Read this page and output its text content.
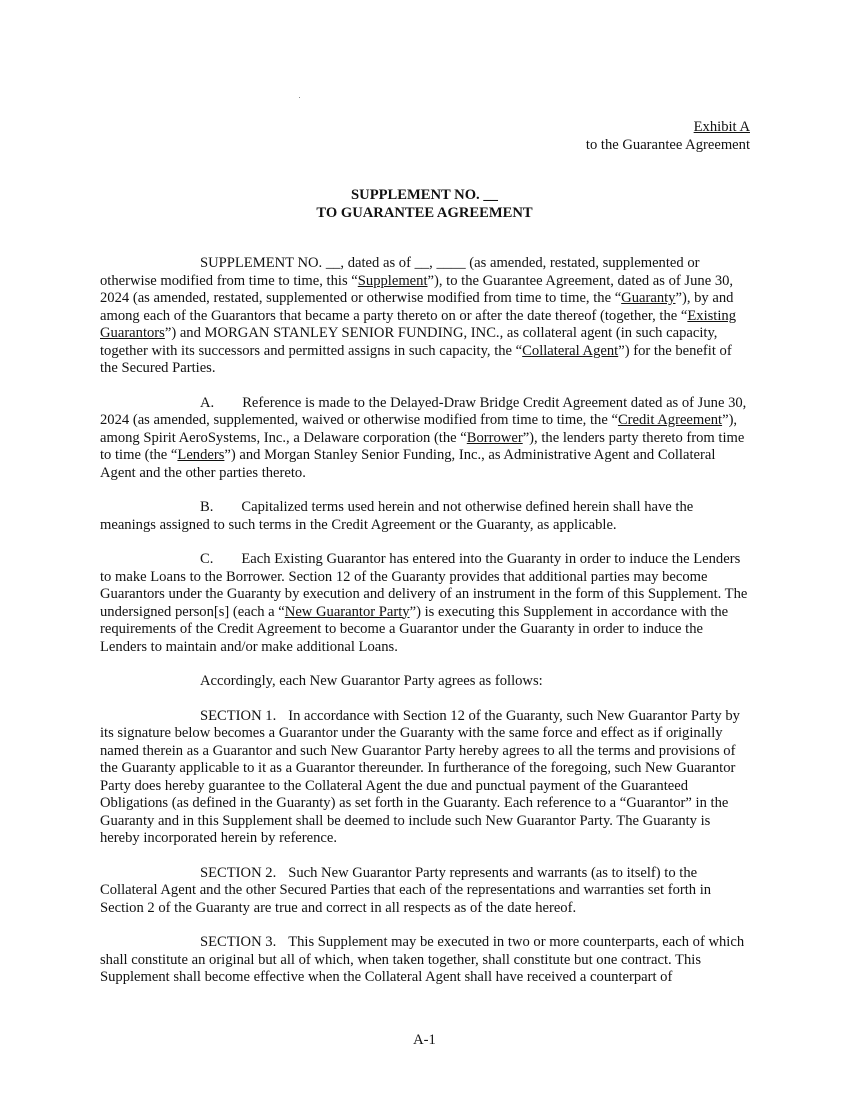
Exhibit A
to the Guarantee Agreement
SUPPLEMENT NO. __
TO GUARANTEE AGREEMENT

SUPPLEMENT NO. __, dated as of __, ____ (as amended, restated, supplemented or otherwise modified from time to time, this “Supplement”), to the Guarantee Agreement, dated as of June 30, 2024 (as amended, restated, supplemented or otherwise modified from time to time, the “Guaranty”), by and among each of the Guarantors that became a party thereto on or after the date thereof (together, the “Existing Guarantors”) and MORGAN STANLEY SENIOR FUNDING, INC., as collateral agent (in such capacity, together with its successors and permitted assigns in such capacity, the “Collateral Agent”) for the benefit of the Secured Parties.

A. Reference is made to the Delayed-Draw Bridge Credit Agreement dated as of June 30, 2024 (as amended, supplemented, waived or otherwise modified from time to time, the “Credit Agreement”), among Spirit AeroSystems, Inc., a Delaware corporation (the “Borrower”), the lenders party thereto from time to time (the “Lenders”) and Morgan Stanley Senior Funding, Inc., as Administrative Agent and Collateral Agent and the other parties thereto.

B. Capitalized terms used herein and not otherwise defined herein shall have the meanings assigned to such terms in the Credit Agreement or the Guaranty, as applicable.

C. Each Existing Guarantor has entered into the Guaranty in order to induce the Lenders to make Loans to the Borrower. Section 12 of the Guaranty provides that additional parties may become Guarantors under the Guaranty by execution and delivery of an instrument in the form of this Supplement. The undersigned person[s] (each a “New Guarantor Party”) is executing this Supplement in accordance with the requirements of the Credit Agreement to become a Guarantor under the Guaranty in order to induce the Lenders to maintain and/or make additional Loans.

Accordingly, each New Guarantor Party agrees as follows:

SECTION 1. In accordance with Section 12 of the Guaranty, such New Guarantor Party by its signature below becomes a Guarantor under the Guaranty with the same force and effect as if originally named therein as a Guarantor and such New Guarantor Party hereby agrees to all the terms and provisions of the Guaranty applicable to it as a Guarantor thereunder. In furtherance of the foregoing, such New Guarantor Party does hereby guarantee to the Collateral Agent the due and punctual payment of the Guaranteed Obligations (as defined in the Guaranty) as set forth in the Guaranty. Each reference to a “Guarantor” in the Guaranty and in this Supplement shall be deemed to include such New Guarantor Party. The Guaranty is hereby incorporated herein by reference.

SECTION 2. Such New Guarantor Party represents and warrants (as to itself) to the Collateral Agent and the other Secured Parties that each of the representations and warranties set forth in Section 2 of the Guaranty are true and correct in all respects as of the date hereof.

SECTION 3. This Supplement may be executed in two or more counterparts, each of which shall constitute an original but all of which, when taken together, shall constitute but one contract. This Supplement shall become effective when the Collateral Agent shall have received a counterpart of

A-1
